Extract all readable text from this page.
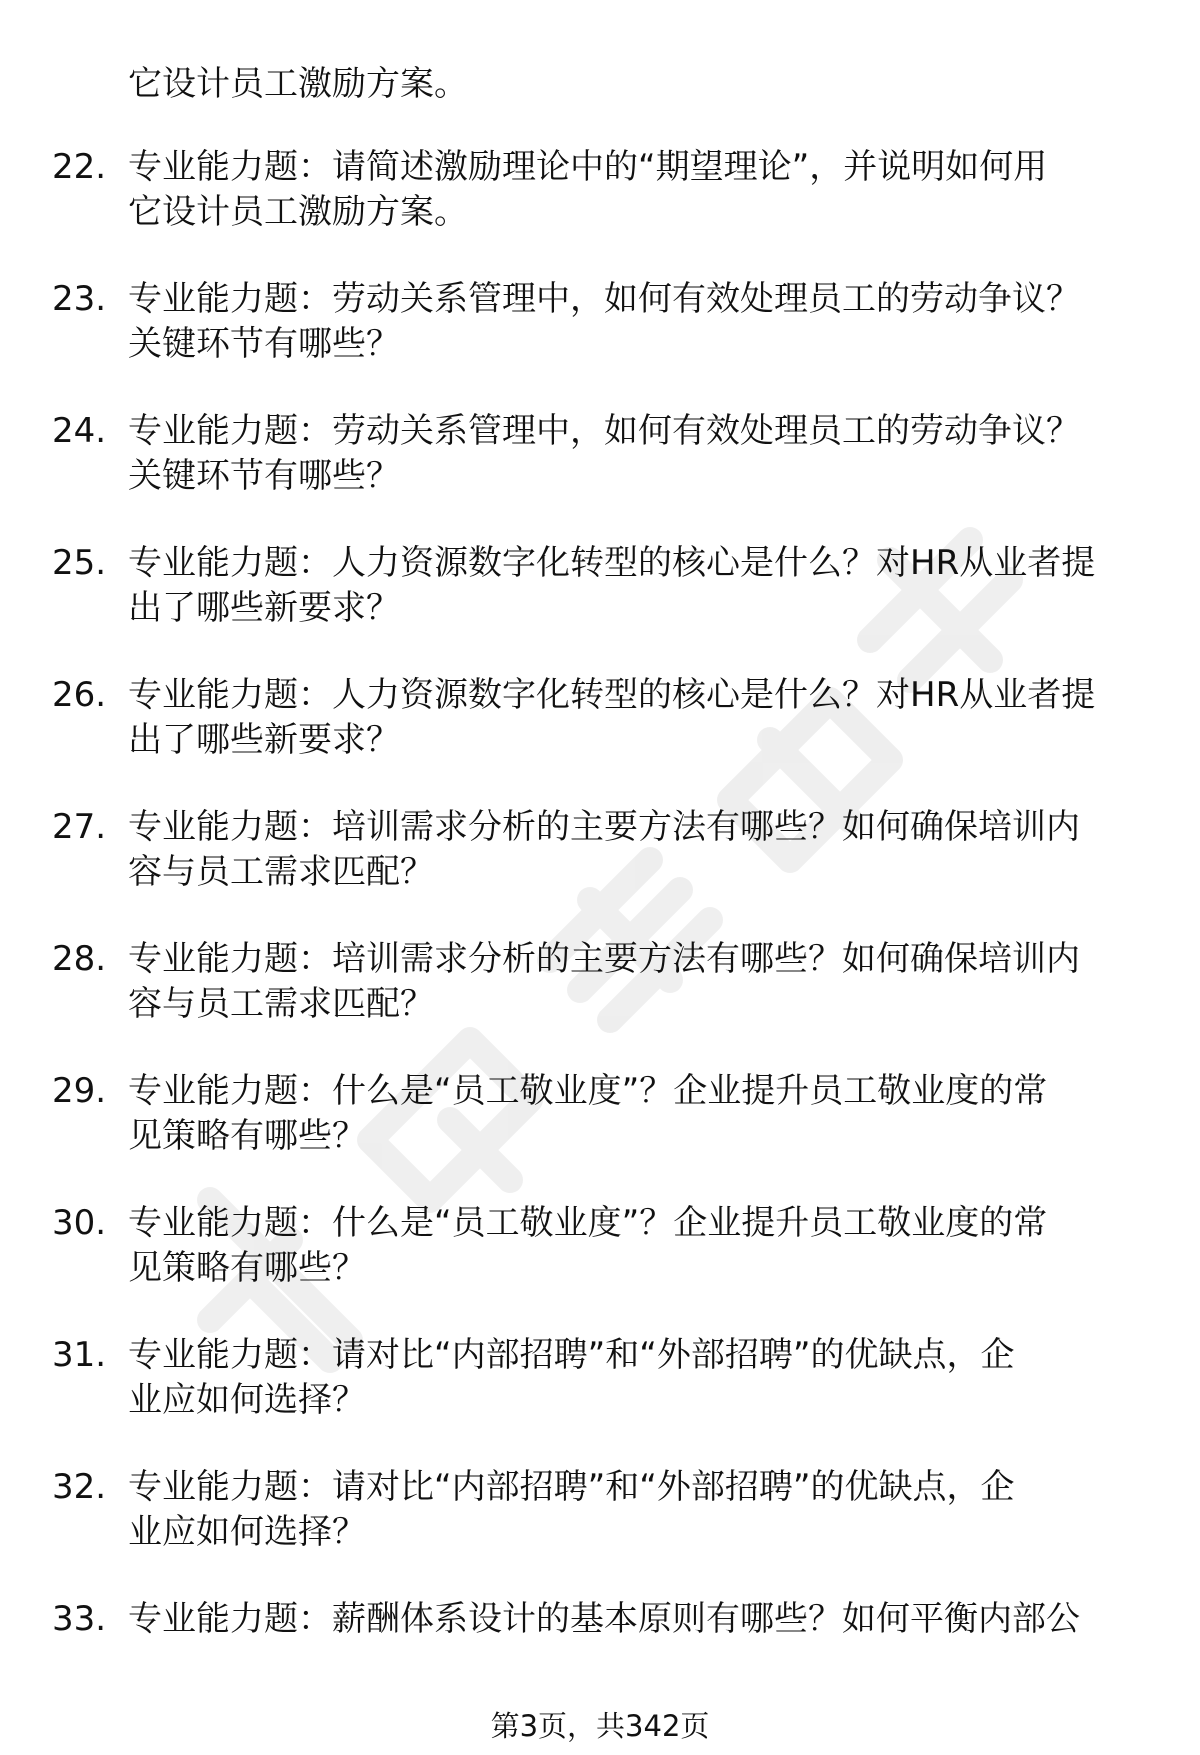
它设计员工激励方案。

22. 专业能力题：请简述激励理论中的“期望理论”，并说明如何用
它设计员工激励方案。
23. 专业能力题：劳动关系管理中，如何有效处理员工的劳动争议？
关键环节有哪些？
24. 专业能力题：劳动关系管理中，如何有效处理员工的劳动争议？
关键环节有哪些？
25. 专业能力题：人力资源数字化转型的核心是什么？对HR从业者提
出了哪些新要求？
26. 专业能力题：人力资源数字化转型的核心是什么？对HR从业者提
出了哪些新要求？
27. 专业能力题：培训需求分析的主要方法有哪些？如何确保培训内
容与员工需求匹配？
28. 专业能力题：培训需求分析的主要方法有哪些？如何确保培训内
容与员工需求匹配？
29. 专业能力题：什么是“员工敬业度”？企业提升员工敬业度的常
见策略有哪些？
30. 专业能力题：什么是“员工敬业度”？企业提升员工敬业度的常
见策略有哪些？
31. 专业能力题：请对比“内部招聘”和“外部招聘”的优缺点，企
业应如何选择？
32. 专业能力题：请对比“内部招聘”和“外部招聘”的优缺点，企
业应如何选择？
33. 专业能力题：薪酬体系设计的基本原则有哪些？如何平衡内部公
第3页，共342页
